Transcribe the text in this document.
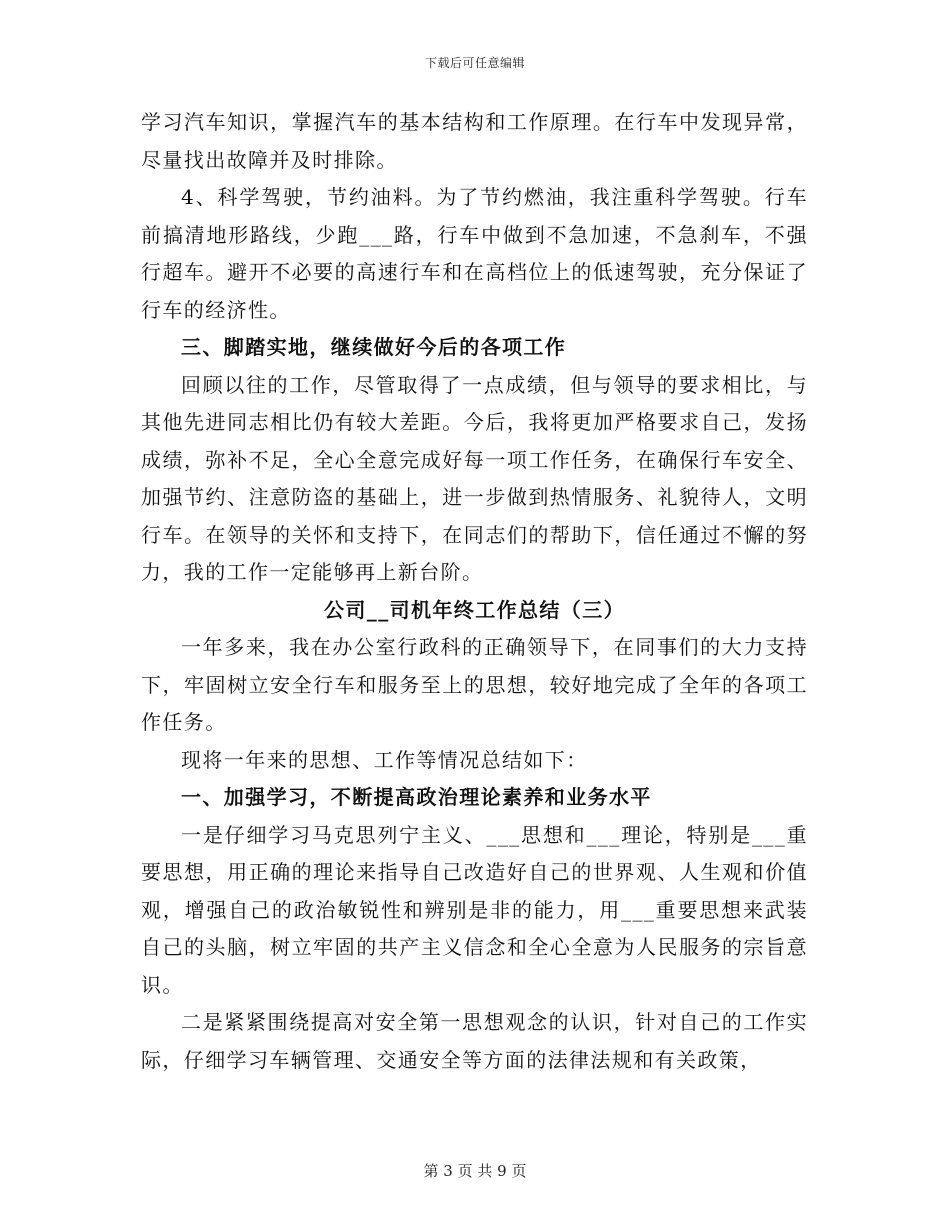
下载后可任意编辑

学习汽车知识，掌握汽车的基本结构和工作原理。在行车中发现异常，尽量找出故障并及时排除。

4、科学驾驶，节约油料。为了节约燃油，我注重科学驾驶。行车前搞清地形路线，少跑___路，行车中做到不急加速，不急刹车，不强行超车。避开不必要的高速行车和在高档位上的低速驾驶，充分保证了行车的经济性。

三、脚踏实地，继续做好今后的各项工作

回顾以往的工作，尽管取得了一点成绩，但与领导的要求相比，与其他先进同志相比仍有较大差距。今后，我将更加严格要求自己，发扬成绩，弥补不足，全心全意完成好每一项工作任务，在确保行车安全、加强节约、注意防盗的基础上，进一步做到热情服务、礼貌待人，文明行车。在领导的关怀和支持下，在同志们的帮助下，信任通过不懈的努力，我的工作一定能够再上新台阶。

公司__司机年终工作总结（三）

一年多来，我在办公室行政科的正确领导下，在同事们的大力支持下，牢固树立安全行车和服务至上的思想，较好地完成了全年的各项工作任务。

现将一年来的思想、工作等情况总结如下：

一、加强学习，不断提高政治理论素养和业务水平

一是仔细学习马克思列宁主义、___思想和___理论，特别是___重要思想，用正确的理论来指导自己改造好自己的世界观、人生观和价值观，增强自己的政治敏锐性和辨别是非的能力，用___重要思想来武装自己的头脑，树立牢固的共产主义信念和全心全意为人民服务的宗旨意识。

二是紧紧围绕提高对安全第一思想观念的认识，针对自己的工作实际，仔细学习车辆管理、交通安全等方面的法律法规和有关政策，

第 3 页 共 9 页
